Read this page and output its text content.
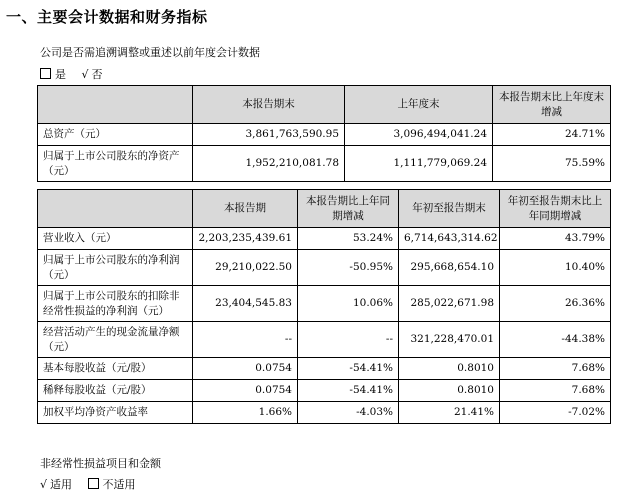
一、主要会计数据和财务指标
公司是否需追溯调整或重述以前年度会计数据
是 √ 否
	本报告期末	上年度末	本报告期末比上年度末增减
总资产（元）	3,861,763,590.95	3,096,494,041.24	24.71%
归属于上市公司股东的净资产（元）	1,952,210,081.78	1,111,779,069.24	75.59%
	本报告期	本报告期比上年同期增减	年初至报告期末	年初至报告期末比上年同期增减
营业收入（元）	2,203,235,439.61	53.24%	6,714,643,314.62	43.79%
归属于上市公司股东的净利润（元）	29,210,022.50	-50.95%	295,668,654.10	10.40%
归属于上市公司股东的扣除非经常性损益的净利润（元）	23,404,545.83	10.06%	285,022,671.98	26.36%
经营活动产生的现金流量净额（元）	--	--	321,228,470.01	-44.38%
基本每股收益（元/股）	0.0754	-54.41%	0.8010	7.68%
稀释每股收益（元/股）	0.0754	-54.41%	0.8010	7.68%
加权平均净资产收益率	1.66%	-4.03%	21.41%	-7.02%
非经常性损益项目和金额
√ 适用	不适用
